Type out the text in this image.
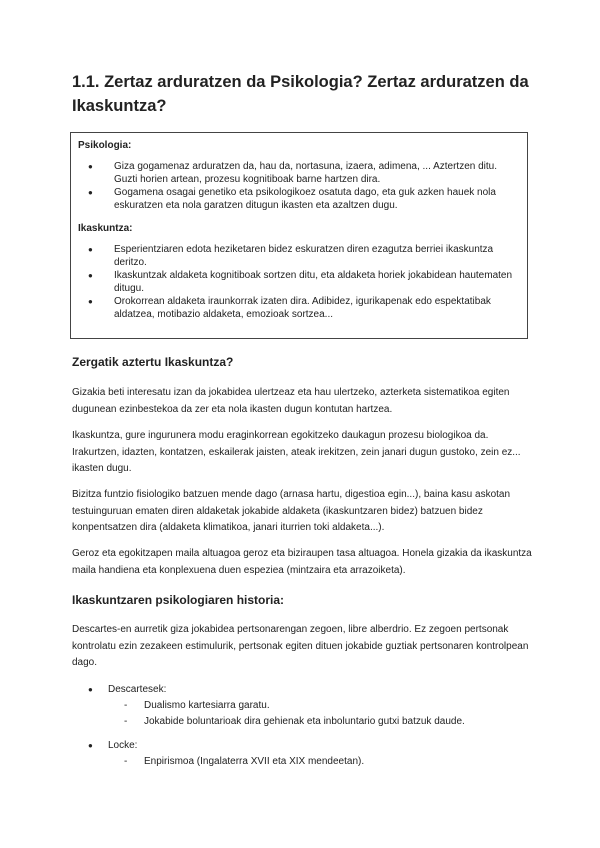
1.1. Zertaz arduratzen da Psikologia? Zertaz arduratzen da Ikaskuntza?
Psikologia:
● Giza gogamenaz arduratzen da, hau da, nortasuna, izaera, adimena, ... Aztertzen ditu. Guzti horien artean, prozesu kognitiboak barne hartzen dira.
● Gogamena osagai genetiko eta psikologikoez osatuta dago, eta guk azken hauek nola eskuratzen eta nola garatzen ditugun ikasten eta azaltzen dugu.
Ikaskuntza:
● Esperientziaren edota heziketaren bidez eskuratzen diren ezagutza berriei ikaskuntza deritzo.
● Ikaskuntzak aldaketa kognitiboak sortzen ditu, eta aldaketa horiek jokabidean hautematen ditugu.
● Orokorrean aldaketa iraunkorrak izaten dira. Adibidez, igurikapenak edo espektatibak aldatzea, motibazio aldaketa, emozioak sortzea...
Zergatik aztertu Ikaskuntza?

Gizakia beti interesatu izan da jokabidea ulertzeaz eta hau ulertzeko, azterketa sistematikoa egiten dugunean ezinbestekoa da zer eta nola ikasten dugun kontutan hartzea.

Ikaskuntza, gure ingurunera modu eraginkorrean egokitzeko daukagun prozesu biologikoa da. Irakurtzen, idazten, kontatzen, eskailerak jaisten, ateak irekitzen, zein janari dugun gustoko, zein ez... ikasten dugu.

Bizitza funtzio fisiologiko batzuen mende dago (arnasa hartu, digestioa egin...), baina kasu askotan testuinguruan ematen diren aldaketak jokabide aldaketa (ikaskuntzaren bidez) batzuen bidez konpentsatzen dira (aldaketa klimatikoa, janari iturrien toki aldaketa...).

Geroz eta egokitzapen maila altuagoa geroz eta biziraupen tasa altuagoa. Honela gizakia da ikaskuntza maila handiena eta konplexuena duen espeziea (mintzaira eta arrazoiketa).

Ikaskuntzaren psikologiaren historia:

Descartes-en aurretik giza jokabidea pertsonarengan zegoen, libre alberdrio. Ez zegoen pertsonak kontrolatu ezin zezakeen estimulurik, pertsonak egiten dituen jokabide guztiak pertsonaren kontrolpean dago.

● Descartesek:
- Dualismo kartesiarra garatu.
- Jokabide boluntarioak dira gehienak eta inboluntario gutxi batzuk daude.
● Locke:
- Enpirismoa (Ingalaterra XVII eta XIX mendeetan).
